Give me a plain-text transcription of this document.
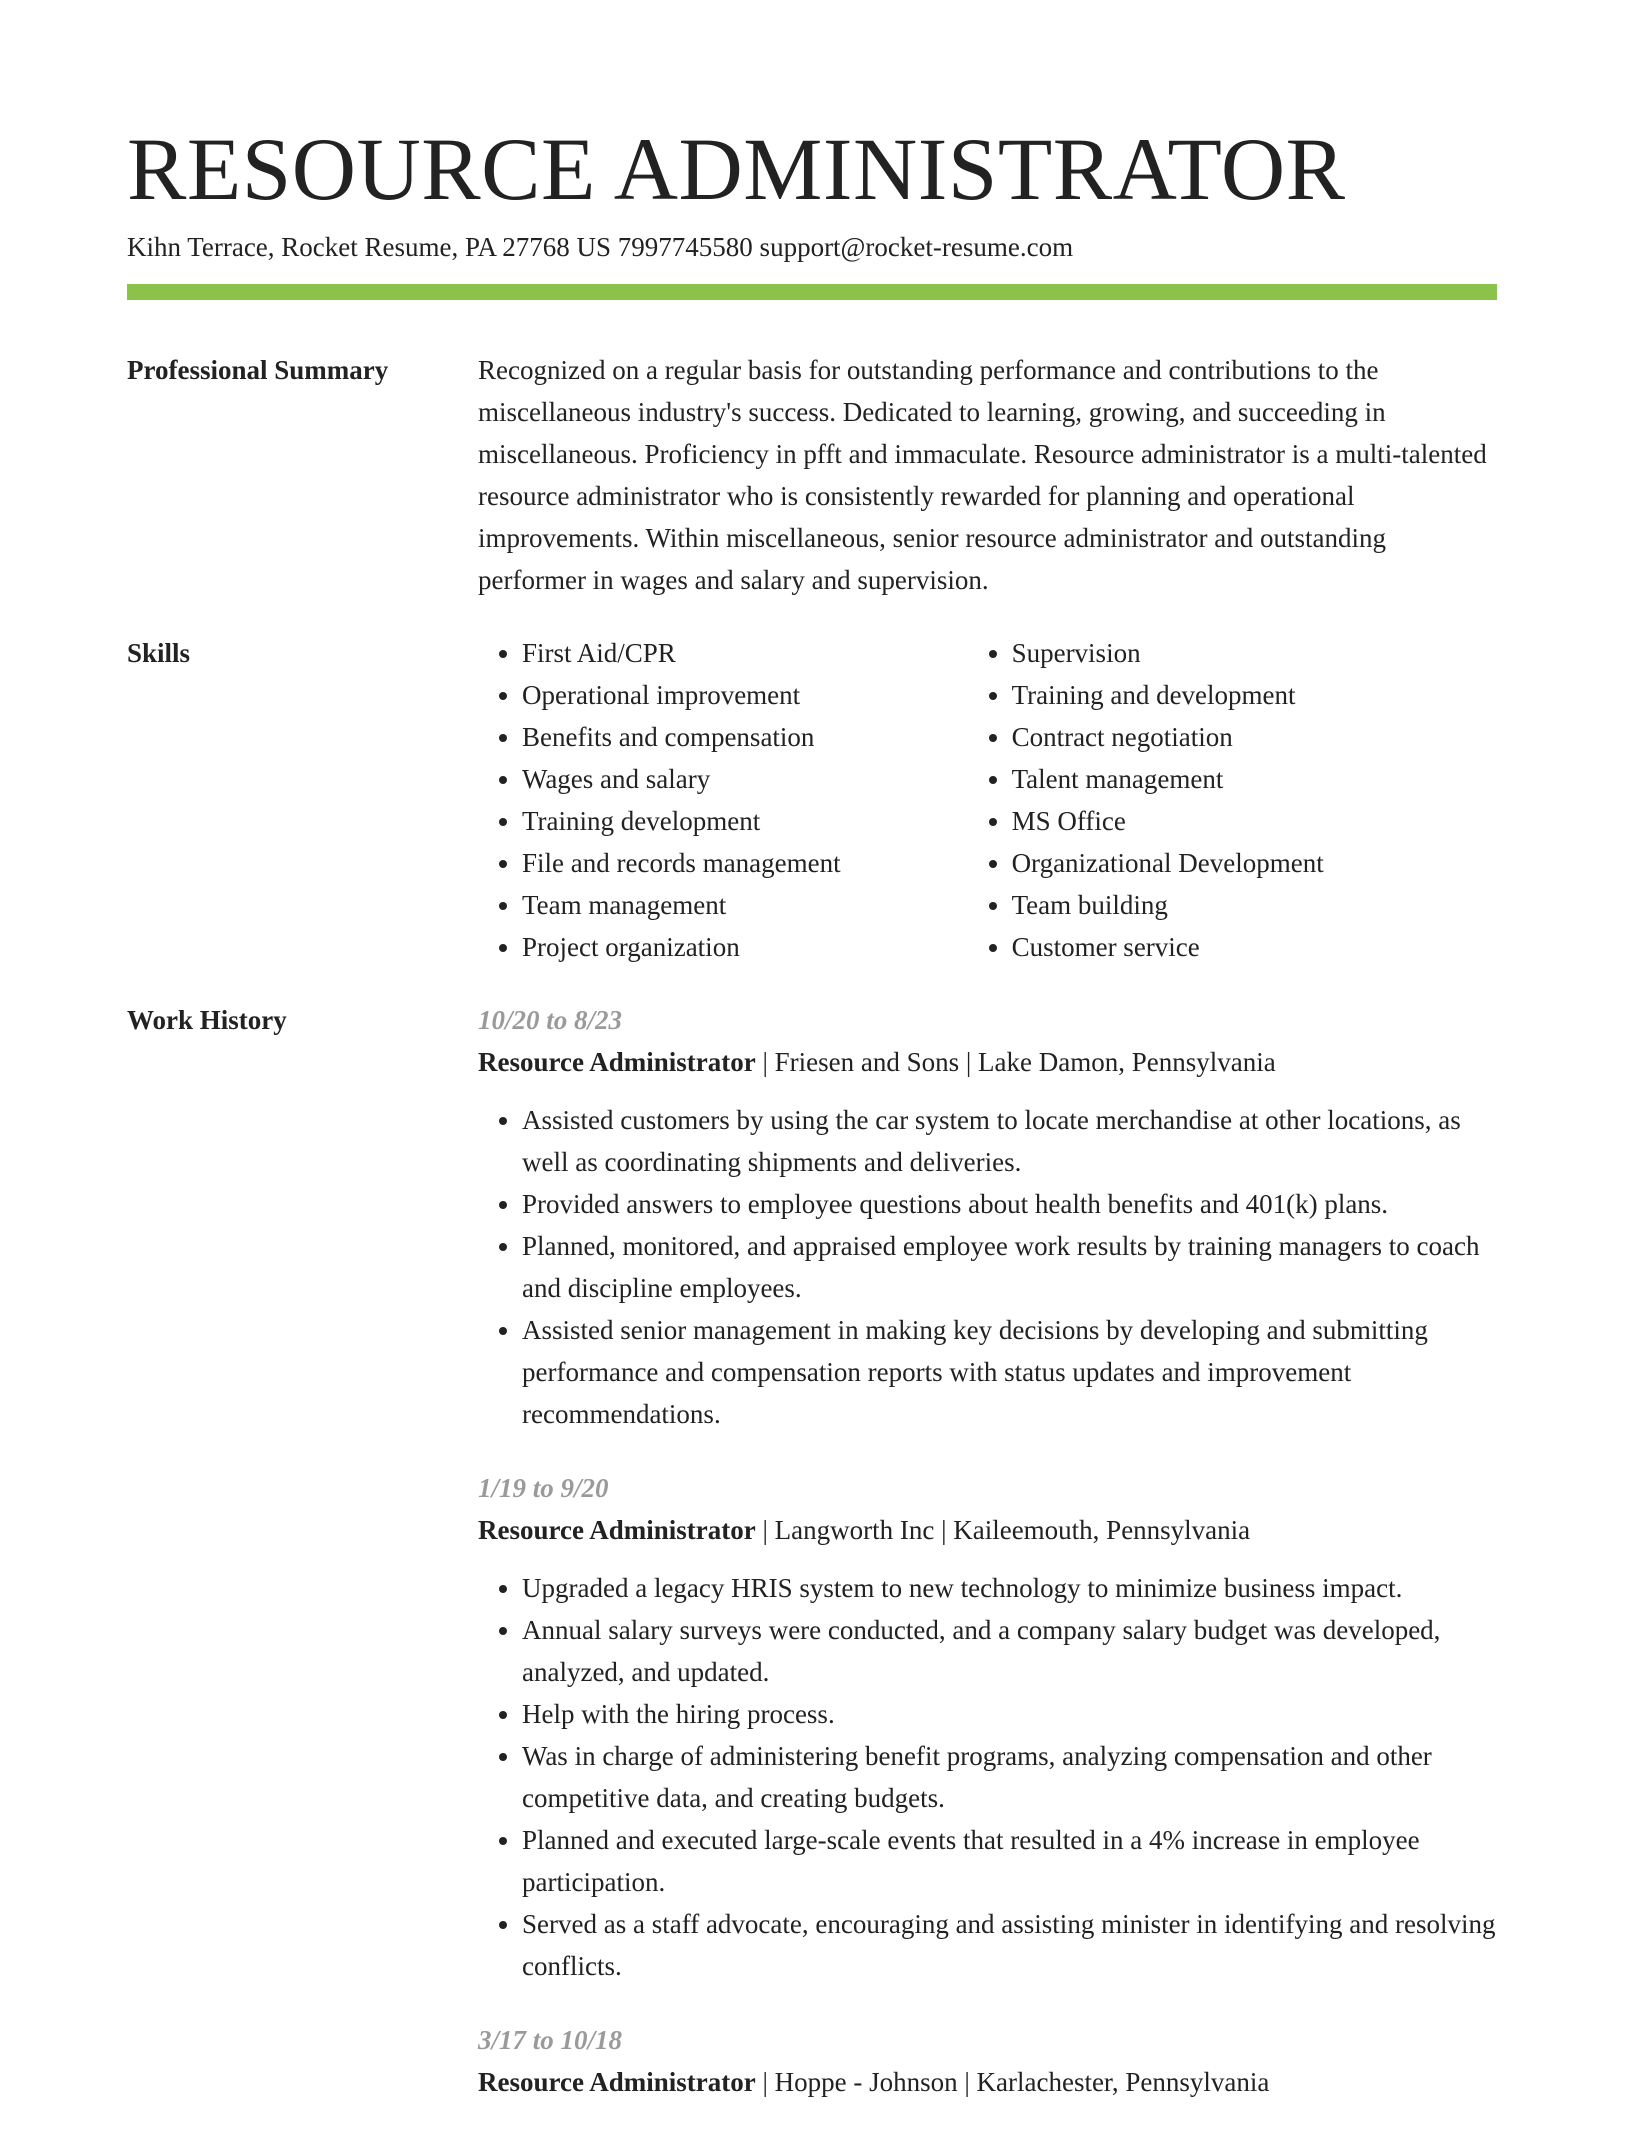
RESOURCE ADMINISTRATOR
Kihn Terrace, Rocket Resume, PA 27768 US 7997745580 support@rocket-resume.com
Professional Summary	Recognized on a regular basis for outstanding performance and contributions to the miscellaneous industry's success. Dedicated to learning, growing, and succeeding in miscellaneous. Proficiency in pfft and immaculate. Resource administrator is a multi-talented resource administrator who is consistently rewarded for planning and operational improvements. Within miscellaneous, senior resource administrator and outstanding performer in wages and salary and supervision.

Skills
•	First Aid/CPR
• Operational improvement
• Benefits and compensation
• Wages and salary
• Training development
• File and records management
• Team management
• Project organization
• Supervision
• Training and development
• Contract negotiation
• Talent management
• MS Office
• Organizational Development
• Team building
• Customer service
Work History	10/20 to 8/23
Resource Administrator | Friesen and Sons | Lake Damon, Pennsylvania
• Assisted customers by using the car system to locate merchandise at other locations, as well as coordinating shipments and deliveries.
• Provided answers to employee questions about health benefits and 401(k) plans.
• Planned, monitored, and appraised employee work results by training managers to coach and discipline employees.
• Assisted senior management in making key decisions by developing and submitting performance and compensation reports with status updates and improvement recommendations.
1/19 to 9/20
Resource Administrator | Langworth Inc | Kaileemouth, Pennsylvania
• Upgraded a legacy HRIS system to new technology to minimize business impact.
• Annual salary surveys were conducted, and a company salary budget was developed, analyzed, and updated.
• Help with the hiring process.
• Was in charge of administering benefit programs, analyzing compensation and other competitive data, and creating budgets.
• Planned and executed large-scale events that resulted in a 4% increase in employee participation.
• Served as a staff advocate, encouraging and assisting minister in identifying and resolving conflicts.
3/17 to 10/18
Resource Administrator | Hoppe - Johnson | Karlachester, Pennsylvania
